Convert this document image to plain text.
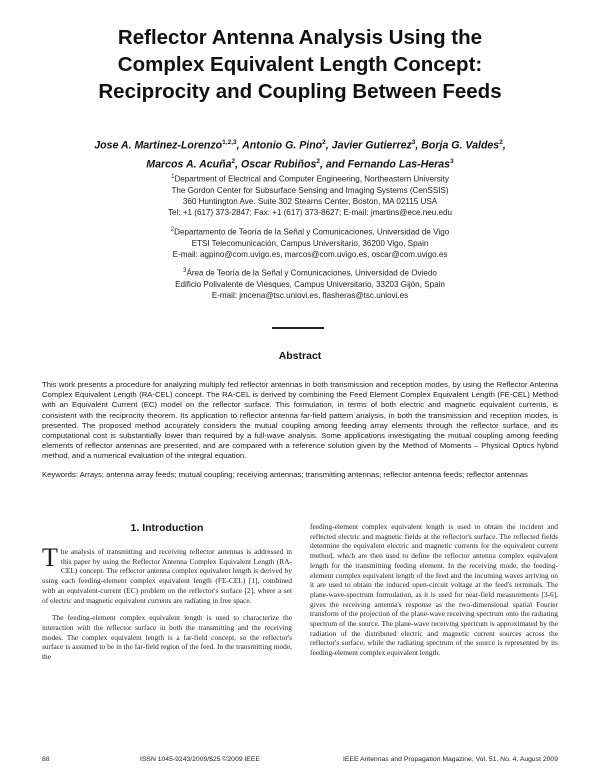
Reflector Antenna Analysis Using the
Complex Equivalent Length Concept:
Reciprocity and Coupling Between Feeds
Jose A. Martinez-Lorenzo$^{1,2,3}$, Antonio G. Pino$^2$, Javier Gutierrez$^3$, Borja G. Valdes$^2$,
Marcos A. Acuña$^2$, Oscar Rubiños$^2$, and Fernando Las-Heras$^3$
$^1$Department of Electrical and Computer Engineering, Northeastern University
The Gordon Center for Subsurface Sensing and Imaging Systems (CenSSIS)
360 Huntington Ave. Suite 302 Stearns Center, Boston, MA 02115 USA
Tel: +1 (617) 373-2847; Fax: +1 (617) 373-8627; E-mail: jmartins@ece.neu.edu
$^2$Departamento de Teoría de la Señal y Comunicaciones, Universidad de Vigo
ETSI Telecomunicación, Campus Universitario, 36200 Vigo, Spain
E-mail: agpino@com.uvigo.es, marcos@com.uvigo.es, oscar@com.uvigo.es
$^3$Área de Teoría de la Señal y Comunicaciones, Universidad de Oviedo
Edificio Polivalente de Viesques, Campus Universitario, 33203 Gijón, Spain
E-mail: jmcena@tsc.uniovi.es, flasheras@tsc.uniovi.es
Abstract
This work presents a procedure for analyzing multiply fed reflector antennas in both transmission and reception modes, by using the Reflector Antenna Complex Equivalent Length (RA-CEL) concept. The RA-CEL is derived by combining the Feed Element Complex Equivalent Length (FE-CEL) Method with an Equivalent Current (EC) model on the reflector surface. This formulation, in terms of both electric and magnetic equivalent currents, is consistent with the reciprocity theorem. Its application to reflector antenna far-field pattern analysis, in both the transmission and reception modes, is presented. The proposed method accurately considers the mutual coupling among feeding array elements through the reflector surface, and its computational cost is substantially lower than required by a full-wave analysis. Some applications investigating the mutual coupling among feeding elements of reflector antennas are presented, and are compared with a reference solution given by the Method of Moments – Physical Optics hybrid method, and a numerical evaluation of the integral equation.
Keywords: Arrays; antenna array feeds; mutual coupling; receiving antennas; transmitting antennas; reflector antenna feeds; reflector antennas
1. Introduction

The analysis of transmitting and receiving reflector antennas is addressed in this paper by using the Reflector Antenna Complex Equivalent Length (RA-CEL) concept. The reflector antenna complex equivalent length is derived by using each feeding-element complex equivalent length (FE-CEL) [1], combined with an equivalent-current (EC) problem on the reflector's surface [2], where a set of electric and magnetic equivalent currents are radiating in free space.

The feeding-element complex equivalent length is used to characterize the interaction with the reflector surface in both the transmitting and the receiving modes. The complex equivalent length is a far-field concept, so the reflector's surface is assumed to be in the far-field region of the feed. In the transmitting mode, the

feeding-element complex equivalent length is used to obtain the incident and reflected electric and magnetic fields at the reflector's surface. The reflected fields determine the equivalent electric and magnetic currents for the equivalent current method, which are then used to define the reflector antenna complex equivalent length for the transmitting feeding element. In the receiving mode, the feeding-element complex equivalent length of the feed and the incoming waves arriving on it are used to obtain the induced open-circuit voltage at the feed's terminals. The plane-wave-spectrum formulation, as it is used for near-field measurements [3-6], gives the receiving antenna's response as the two-dimensional spatial Fourier transform of the projection of the plane-wave receiving spectrum onto the radiating spectrum of the source. The plane-wave receiving spectrum is approximated by the radiation of the distributed electric and magnetic current sources across the reflector's surface, while the radiating spectrum of the source is represented by its feeding-element complex equivalent length.

88	ISSN 1045-9243/2009/$25 ©2009 IEEE	IEEE Antennas and Propagation Magazine, Vol. 51, No. 4, August 2009
